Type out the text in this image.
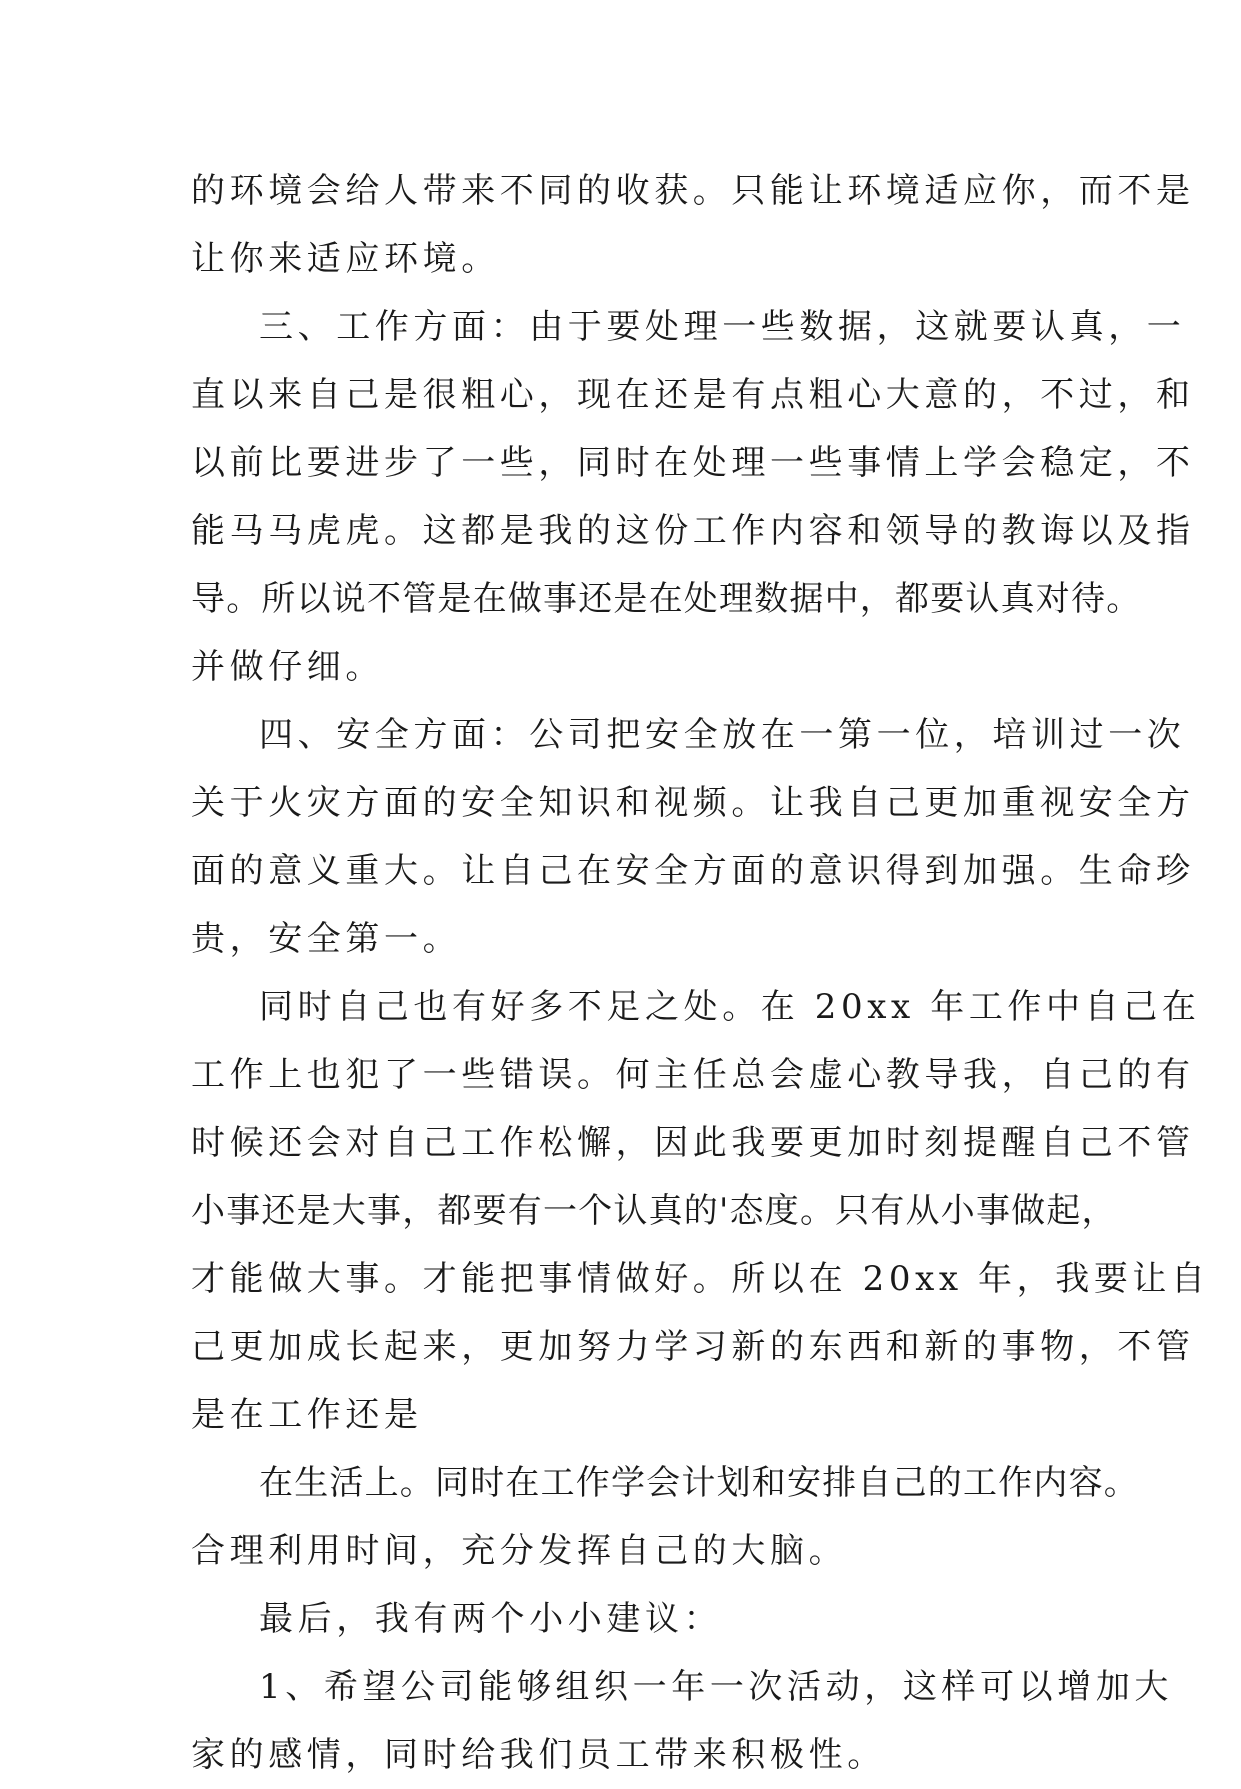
的环境会给人带来不同的收获。只能让环境适应你，而不是
让你来适应环境。
三、工作方面：由于要处理一些数据，这就要认真，一
直以来自己是很粗心，现在还是有点粗心大意的，不过，和
以前比要进步了一些，同时在处理一些事情上学会稳定，不
能马马虎虎。这都是我的这份工作内容和领导的教诲以及指
导。所以说不管是在做事还是在处理数据中，都要认真对待。
并做仔细。
四、安全方面：公司把安全放在一第一位，培训过一次
关于火灾方面的安全知识和视频。让我自己更加重视安全方
面的意义重大。让自己在安全方面的意识得到加强。生命珍
贵，安全第一。
同时自己也有好多不足之处。在 20xx 年工作中自己在
工作上也犯了一些错误。何主任总会虚心教导我，自己的有
时候还会对自己工作松懈，因此我要更加时刻提醒自己不管
小事还是大事，都要有一个认真的'态度。只有从小事做起，
才能做大事。才能把事情做好。所以在 20xx 年，我要让自
己更加成长起来，更加努力学习新的东西和新的事物，不管
是在工作还是
在生活上。同时在工作学会计划和安排自己的工作内容。
合理利用时间，充分发挥自己的大脑。
最后，我有两个小小建议：
1、希望公司能够组织一年一次活动，这样可以增加大
家的感情，同时给我们员工带来积极性。
